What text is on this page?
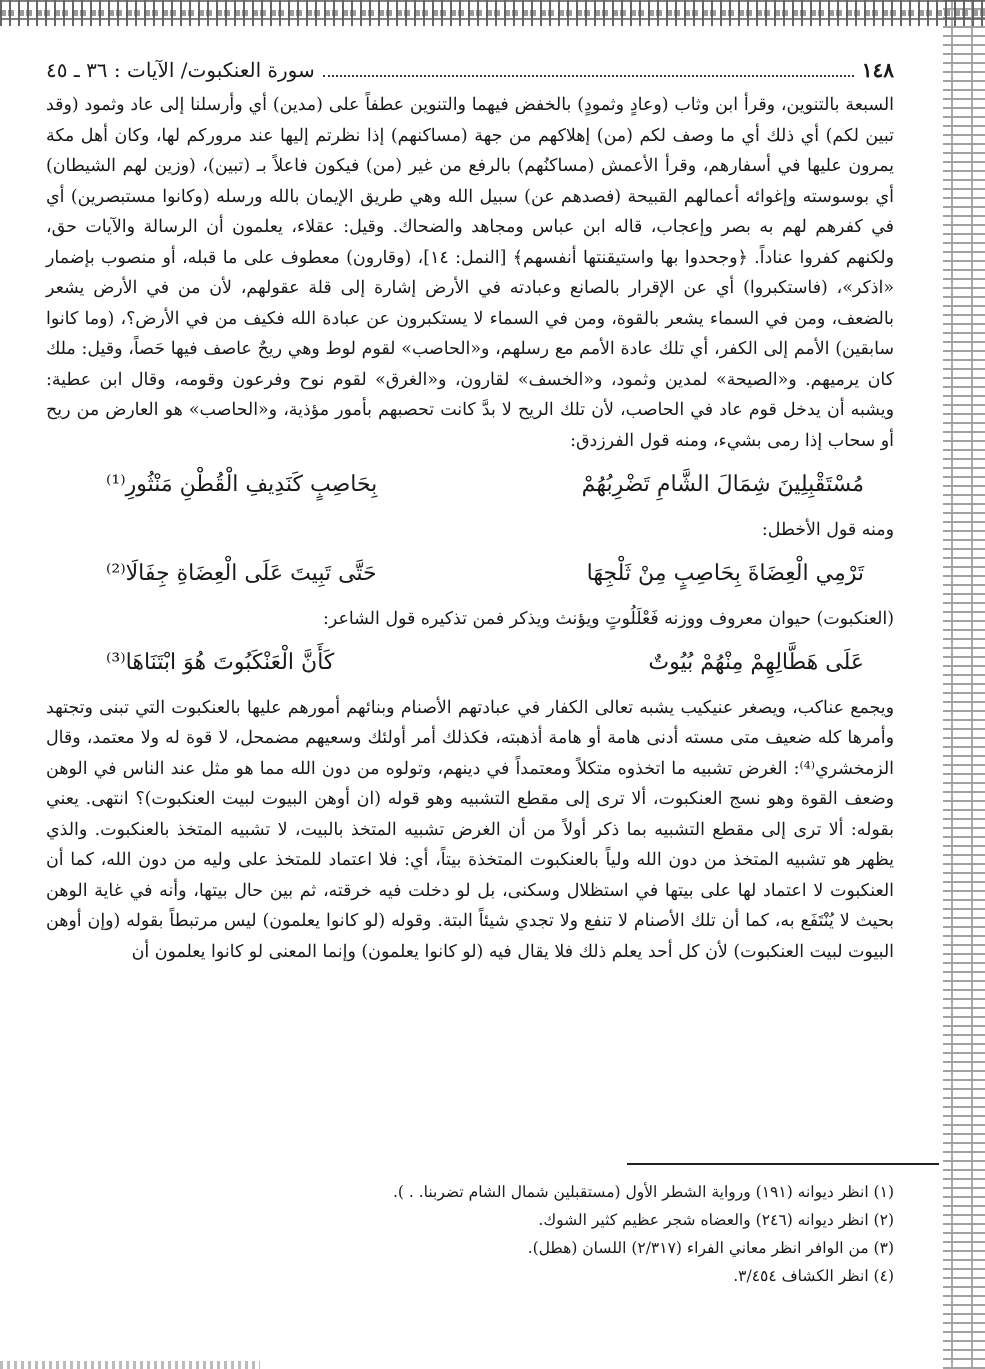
١٤٨
سورة العنكبوت/ الآيات : ٣٦ ـ ٤٥

السبعة بالتنوين، وقرأ ابن وثاب (وعادٍ وثمودٍ) بالخفض فيهما والتنوين عطفاً على (مدين) أي وأرسلنا إلى عاد وثمود (وقد تبين لكم) أي ذلك أي ما وصف لكم (من) إهلاكهم من جهة (مساكنهم) إذا نظرتم إليها عند مروركم لها، وكان أهل مكة يمرون عليها في أسفارهم، وقرأ الأعمش (مساكنُهم) بالرفع من غير (من) فيكون فاعلاً بـ (تبين)، (وزين لهم الشيطان) أي بوسوسته وإغوائه أعمالهم القبيحة (فصدهم عن) سبيل الله وهي طريق الإيمان بالله ورسله (وكانوا مستبصرين) أي في كفرهم لهم به بصر وإعجاب، قاله ابن عباس ومجاهد والضحاك. وقيل: عقلاء، يعلمون أن الرسالة والآيات حق، ولكنهم كفروا عناداً. ﴿وجحدوا بها واستيقنتها أنفسهم﴾ [النمل: ١٤]، (وقارون) معطوف على ما قبله، أو منصوب بإضمار «اذكر»، (فاستكبروا) أي عن الإقرار بالصانع وعبادته في الأرض إشارة إلى قلة عقولهم، لأن من في الأرض يشعر بالضعف، ومن في السماء يشعر بالقوة، ومن في السماء لا يستكبرون عن عبادة الله فكيف من في الأرض؟، (وما كانوا سابقين) الأمم إلى الكفر، أي تلك عادة الأمم مع رسلهم، و«الحاصب» لقوم لوط وهي ريحٌ عاصف فيها حَصاً، وقيل: ملك كان يرميهم. و«الصيحة» لمدين وثمود، و«الخسف» لقارون، و«الغرق» لقوم نوح وفرعون وقومه، وقال ابن عطية: ويشبه أن يدخل قوم عاد في الحاصب، لأن تلك الريح لا بدَّ كانت تحصبهم بأمور مؤذية، و«الحاصب» هو العارض من ريح أو سحاب إذا رمى بشيء، ومنه قول الفرزدق:

مُسْتَقْبِلِينَ شِمَالَ الشَّامِ تَضْرِبُهُمْ
بِحَاصِبٍ كَنَدِيفِ الْقُطْنِ مَنْثُورِ⁽¹⁾

ومنه قول الأخطل:

تَرْمِي الْعِضَاةَ بِحَاصِبٍ مِنْ ثَلْجِهَا
حَتَّى تَبِيتَ عَلَى الْعِضَاةِ جِفَالَا⁽²⁾

(العنكبوت) حيوان معروف ووزنه فَعْلَلُوتٍ ويؤنث ويذكر فمن تذكيره قول الشاعر:

عَلَى هَطَّالِهِمْ مِنْهُمْ بُيُوتٌ
كَأَنَّ الْعَنْكَبُوتَ هُوَ ابْتَنَاهَا⁽³⁾

ويجمع عناكب، ويصغر عنيكيب يشبه تعالى الكفار في عبادتهم الأصنام وبنائهم أمورهم عليها بالعنكبوت التي تبنى وتجتهد وأمرها كله ضعيف متى مسته أدنى هامة أو هامة أذهبته، فكذلك أمر أولئك وسعيهم مضمحل، لا قوة له ولا معتمد، وقال الزمخشري⁽⁴⁾: الغرض تشبيه ما اتخذوه متكلاً ومعتمداً في دينهم، وتولوه من دون الله مما هو مثل عند الناس في الوهن وضعف القوة وهو نسج العنكبوت، ألا ترى إلى مقطع التشبيه وهو قوله (ان أوهن البيوت لبيت العنكبوت)؟ انتهى. يعني بقوله: ألا ترى إلى مقطع التشبيه بما ذكر أولاً من أن الغرض تشبيه المتخذ بالبيت، لا تشبيه المتخذ بالعنكبوت. والذي يظهر هو تشبيه المتخذ من دون الله ولياً بالعنكبوت المتخذة بيتاً، أي: فلا اعتماد للمتخذ على وليه من دون الله، كما أن العنكبوت لا اعتماد لها على بيتها في استظلال وسكنى، بل لو دخلت فيه خرقته، ثم بين حال بيتها، وأنه في غاية الوهن بحيث لا يُنْتَفَع به، كما أن تلك الأصنام لا تنفع ولا تجدي شيئاً البتة. وقوله (لو كانوا يعلمون) ليس مرتبطاً بقوله (وإن أوهن البيوت لبيت العنكبوت) لأن كل أحد يعلم ذلك فلا يقال فيه (لو كانوا يعلمون) وإنما المعنى لو كانوا يعلمون أن

(١) انظر ديوانه (١٩١) ورواية الشطر الأول (مستقبلين شمال الشام تضربنا. . ).

(٢) انظر ديوانه (٢٤٦) والعضاه شجر عظيم كثير الشوك.

(٣) من الوافر انظر معاني الفراء (٢/٣١٧) اللسان (هطل).

(٤) انظر الكشاف ٣/٤٥٤.
